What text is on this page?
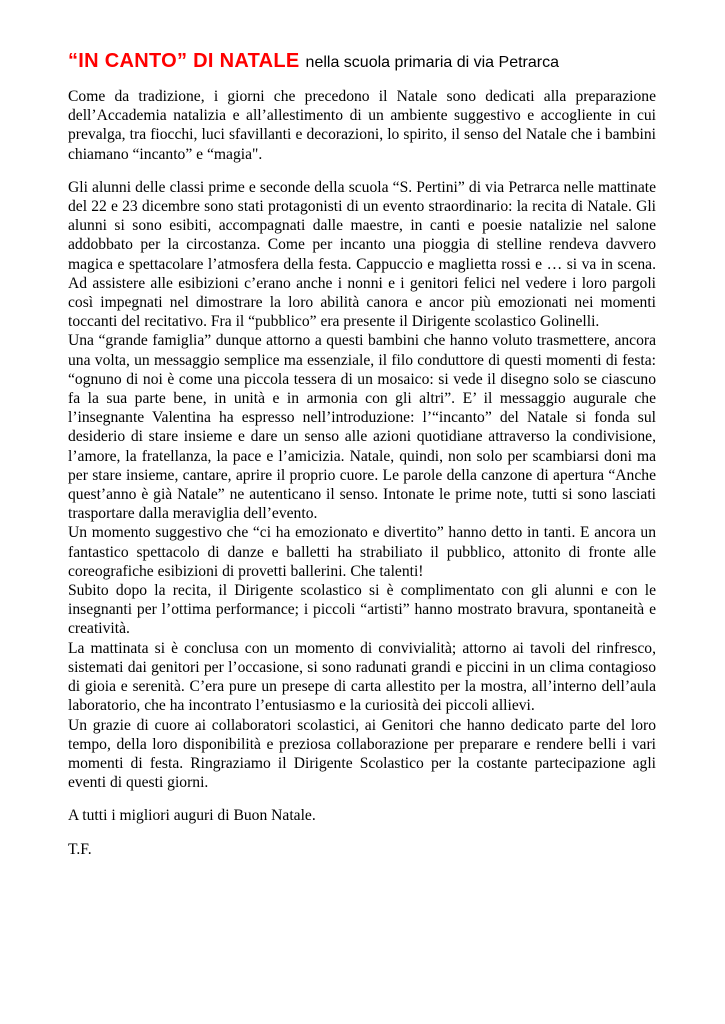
“IN CANTO” DI NATALE nella scuola primaria di via Petrarca

Come da tradizione, i giorni che precedono il Natale sono dedicati alla preparazione dell’Accademia natalizia e all’allestimento di un ambiente suggestivo e accogliente in cui prevalga, tra fiocchi, luci sfavillanti e decorazioni, lo spirito, il senso del Natale che i bambini chiamano “incanto” e “magia".

Gli alunni delle classi prime e seconde della scuola “S. Pertini” di via Petrarca nelle mattinate del 22 e 23 dicembre sono stati protagonisti di un evento straordinario: la recita di Natale. Gli alunni si sono esibiti, accompagnati dalle maestre, in canti e poesie natalizie nel salone addobbato per la circostanza. Come per incanto una pioggia di stelline rendeva davvero magica e spettacolare l’atmosfera della festa. Cappuccio e maglietta rossi e … si va in scena. Ad assistere alle esibizioni c’erano anche i nonni e i genitori felici nel vedere i loro pargoli così impegnati nel dimostrare la loro abilità canora e ancor più emozionati nei momenti toccanti del recitativo. Fra il “pubblico” era presente il Dirigente scolastico Golinelli.

Una “grande famiglia” dunque attorno a questi bambini che hanno voluto trasmettere, ancora una volta, un messaggio semplice ma essenziale, il filo conduttore di questi momenti di festa: “ognuno di noi è come una piccola tessera di un mosaico: si vede il disegno solo se ciascuno fa la sua parte bene, in unità e in armonia con gli altri”. E’ il messaggio augurale che l’insegnante Valentina ha espresso nell’introduzione: l’“incanto” del Natale si fonda sul desiderio di stare insieme e dare un senso alle azioni quotidiane attraverso la condivisione, l’amore, la fratellanza, la pace e l’amicizia. Natale, quindi, non solo per scambiarsi doni ma per stare insieme, cantare, aprire il proprio cuore. Le parole della canzone di apertura “Anche quest’anno è già Natale” ne autenticano il senso. Intonate le prime note, tutti si sono lasciati trasportare dalla meraviglia dell’evento.

Un momento suggestivo che “ci ha emozionato e divertito” hanno detto in tanti. E ancora un fantastico spettacolo di danze e balletti ha strabiliato il pubblico, attonito di fronte alle coreografiche esibizioni di provetti ballerini. Che talenti!

Subito dopo la recita, il Dirigente scolastico si è complimentato con gli alunni e con le insegnanti per l’ottima performance; i piccoli “artisti” hanno mostrato bravura, spontaneità e creatività.

La mattinata si è conclusa con un momento di convivialità; attorno ai tavoli del rinfresco, sistemati dai genitori per l’occasione, si sono radunati grandi e piccini in un clima contagioso di gioia e serenità. C’era pure un presepe di carta allestito per la mostra, all’interno dell’aula laboratorio, che ha incontrato l’entusiasmo e la curiosità dei piccoli allievi.

Un grazie di cuore ai collaboratori scolastici, ai Genitori che hanno dedicato parte del loro tempo, della loro disponibilità e preziosa collaborazione per preparare e rendere belli i vari momenti di festa. Ringraziamo il Dirigente Scolastico per la costante partecipazione agli eventi di questi giorni.

A tutti i migliori auguri di Buon Natale.

T.F.
